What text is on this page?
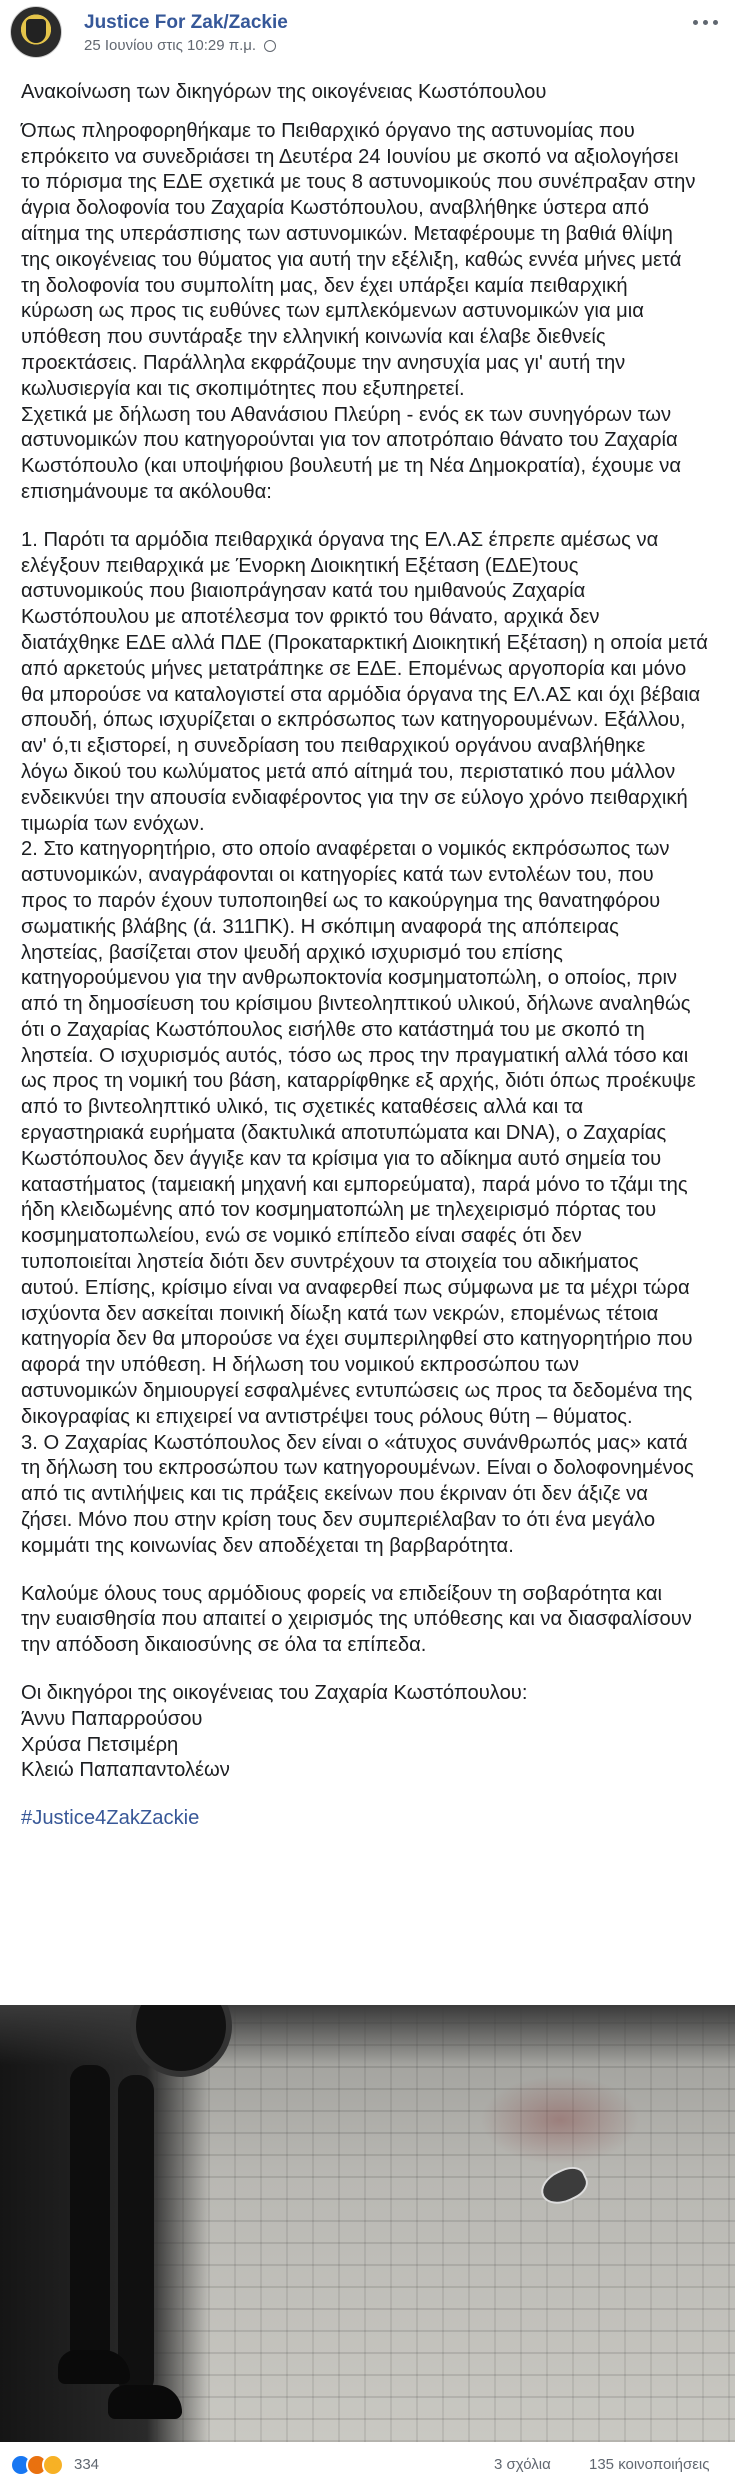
Justice For Zak/Zackie
25 Ιουνίου στις 10:29 π.μ.

Ανακοίνωση των δικηγόρων της οικογένειας Κωστόπουλου

Όπως πληροφορηθήκαμε το Πειθαρχικό όργανο της αστυνομίας που
επρόκειτο να συνεδριάσει τη Δευτέρα 24 Ιουνίου με σκοπό να αξιολογήσει
το πόρισμα της ΕΔΕ σχετικά με τους 8 αστυνομικούς που συνέπραξαν στην
άγρια δολοφονία του Ζαχαρία Κωστόπουλου, αναβλήθηκε ύστερα από
αίτημα της υπεράσπισης των αστυνομικών. Μεταφέρουμε τη βαθιά θλίψη
της οικογένειας του θύματος για αυτή την εξέλιξη, καθώς εννέα μήνες μετά
τη δολοφονία του συμπολίτη μας, δεν έχει υπάρξει καμία πειθαρχική
κύρωση ως προς τις ευθύνες των εμπλεκόμενων αστυνομικών για μια
υπόθεση που συντάραξε την ελληνική κοινωνία και έλαβε διεθνείς
προεκτάσεις. Παράλληλα εκφράζουμε την ανησυχία μας γι' αυτή την
κωλυσιεργία και τις σκοπιμότητες που εξυπηρετεί.
Σχετικά με δήλωση του Αθανάσιου Πλεύρη - ενός εκ των συνηγόρων των
αστυνομικών που κατηγορούνται για τον αποτρόπαιο θάνατο του Ζαχαρία
Κωστόπουλο (και υποψήφιου βουλευτή με τη Νέα Δημοκρατία), έχουμε να
επισημάνουμε τα ακόλουθα:

1. Παρότι τα αρμόδια πειθαρχικά όργανα της ΕΛ.ΑΣ έπρεπε αμέσως να
ελέγξουν πειθαρχικά με Ένορκη Διοικητική Εξέταση (ΕΔΕ)τους
αστυνομικούς που βιαιοπράγησαν κατά του ημιθανούς Ζαχαρία
Κωστόπουλου με αποτέλεσμα τον φρικτό του θάνατο, αρχικά δεν
διατάχθηκε ΕΔΕ αλλά ΠΔΕ (Προκαταρκτική Διοικητική Εξέταση) η οποία μετά
από αρκετούς μήνες μετατράπηκε σε ΕΔΕ. Επομένως αργοπορία και μόνο
θα μπορούσε να καταλογιστεί στα αρμόδια όργανα της ΕΛ.ΑΣ και όχι βέβαια
σπουδή, όπως ισχυρίζεται ο εκπρόσωπος των κατηγορουμένων. Εξάλλου,
αν' ό,τι εξιστορεί, η συνεδρίαση του πειθαρχικού οργάνου αναβλήθηκε
λόγω δικού του κωλύματος μετά από αίτημά του, περιστατικό που μάλλον
ενδεικνύει την απουσία ενδιαφέροντος για την σε εύλογο χρόνο πειθαρχική
τιμωρία των ενόχων.
2. Στο κατηγορητήριο, στο οποίο αναφέρεται ο νομικός εκπρόσωπος των
αστυνομικών, αναγράφονται οι κατηγορίες κατά των εντολέων του, που
προς το παρόν έχουν τυποποιηθεί ως το κακούργημα της θανατηφόρου
σωματικής βλάβης (ά. 311ΠΚ). Η σκόπιμη αναφορά της απόπειρας
ληστείας, βασίζεται στον ψευδή αρχικό ισχυρισμό του επίσης
κατηγορούμενου για την ανθρωποκτονία κοσμηματοπώλη, ο οποίος, πριν
από τη δημοσίευση του κρίσιμου βιντεοληπτικού υλικού, δήλωνε αναληθώς
ότι ο Ζαχαρίας Κωστόπουλος εισήλθε στο κατάστημά του με σκοπό τη
ληστεία. Ο ισχυρισμός αυτός, τόσο ως προς την πραγματική αλλά τόσο και
ως προς τη νομική του βάση, καταρρίφθηκε εξ αρχής, διότι όπως προέκυψε
από το βιντεοληπτικό υλικό, τις σχετικές καταθέσεις αλλά και τα
εργαστηριακά ευρήματα (δακτυλικά αποτυπώματα και DNA), ο Ζαχαρίας
Κωστόπουλος δεν άγγιξε καν τα κρίσιμα για το αδίκημα αυτό σημεία του
καταστήματος (ταμειακή μηχανή και εμπορεύματα), παρά μόνο το τζάμι της
ήδη κλειδωμένης από τον κοσμηματοπώλη με τηλεχειρισμό πόρτας του
κοσμηματοπωλείου, ενώ σε νομικό επίπεδο είναι σαφές ότι δεν
τυποποιείται ληστεία διότι δεν συντρέχουν τα στοιχεία του αδικήματος
αυτού. Επίσης, κρίσιμο είναι να αναφερθεί πως σύμφωνα με τα μέχρι τώρα
ισχύοντα δεν ασκείται ποινική δίωξη κατά των νεκρών, επομένως τέτοια
κατηγορία δεν θα μπορούσε να έχει συμπεριληφθεί στο κατηγορητήριο που
αφορά την υπόθεση. Η δήλωση του νομικού εκπροσώπου των
αστυνομικών δημιουργεί εσφαλμένες εντυπώσεις ως προς τα δεδομένα της
δικογραφίας κι επιχειρεί να αντιστρέψει τους ρόλους θύτη – θύματος.
3. Ο Ζαχαρίας Κωστόπουλος δεν είναι ο «άτυχος συνάνθρωπός μας» κατά
τη δήλωση του εκπροσώπου των κατηγορουμένων. Είναι ο δολοφονημένος
από τις αντιλήψεις και τις πράξεις εκείνων που έκριναν ότι δεν άξιζε να
ζήσει. Μόνο που στην κρίση τους δεν συμπεριέλαβαν το ότι ένα μεγάλο
κομμάτι της κοινωνίας δεν αποδέχεται τη βαρβαρότητα.

Καλούμε όλους τους αρμόδιους φορείς να επιδείξουν τη σοβαρότητα και
την ευαισθησία που απαιτεί ο χειρισμός της υπόθεσης και να διασφαλίσουν
την απόδοση δικαιοσύνης σε όλα τα επίπεδα.

Οι δικηγόροι της οικογένειας του Ζαχαρία Κωστόπουλου:
Άννυ Παπαρρούσου
Χρύσα Πετσιμέρη
Κλειώ Παπαπαντολέων

#Justice4ZakZackie

334	3 σχόλια	135 κοινοποιήσεις
